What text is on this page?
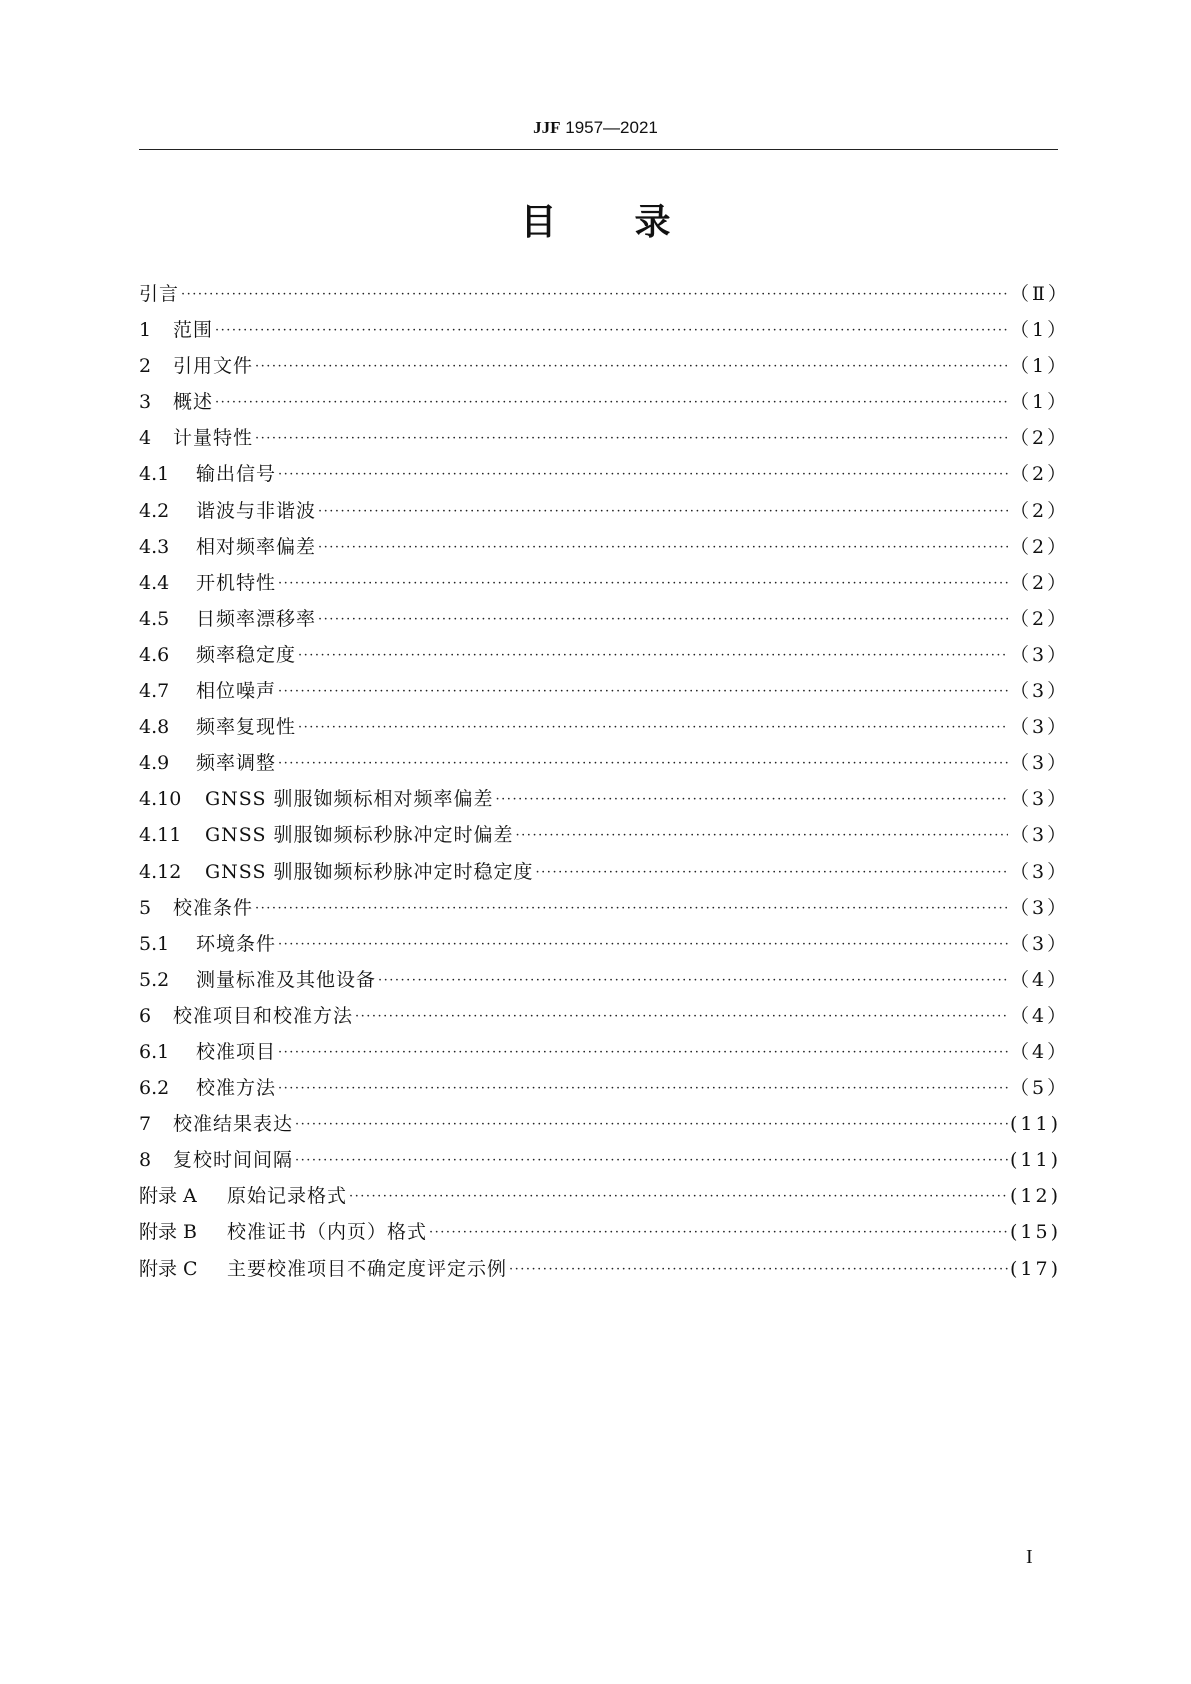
JJF 1957—2021
目录
引言 ·····	（Ⅱ）
1	范围 ·····	（1）
2	引用文件 ·····	（1）
3	概述 ·····	（1）
4	计量特性 ·····	（2）
4.1	输出信号 ·····	（2）
4.2	谐波与非谐波 ·····	（2）
4.3	相对频率偏差 ·····	（2）
4.4	开机特性 ·····	（2）
4.5	日频率漂移率 ·····	（2）
4.6	频率稳定度 ·····	（3）
4.7	相位噪声 ·····	（3）
4.8	频率复现性 ·····	（3）
4.9	频率调整 ·····	（3）
4.10	GNSS 驯服铷频标相对频率偏差 ·····	（3）
4.11	GNSS 驯服铷频标秒脉冲定时偏差 ·····	（3）
4.12	GNSS 驯服铷频标秒脉冲定时稳定度 ·····	（3）
5	校准条件 ·····	（3）
5.1	环境条件 ·····	（3）
5.2	测量标准及其他设备 ·····	（4）
6	校准项目和校准方法 ·····	（4）
6.1	校准项目 ·····	（4）
6.2	校准方法 ·····	（5）
7	校准结果表达 ·····	(11)
8	复校时间间隔 ·····	(11)
附录 A	原始记录格式 ·····	(12)
附录 B	校准证书（内页）格式 ·····	(15)
附录 C	主要校准项目不确定度评定示例 ·····	(17)
I
